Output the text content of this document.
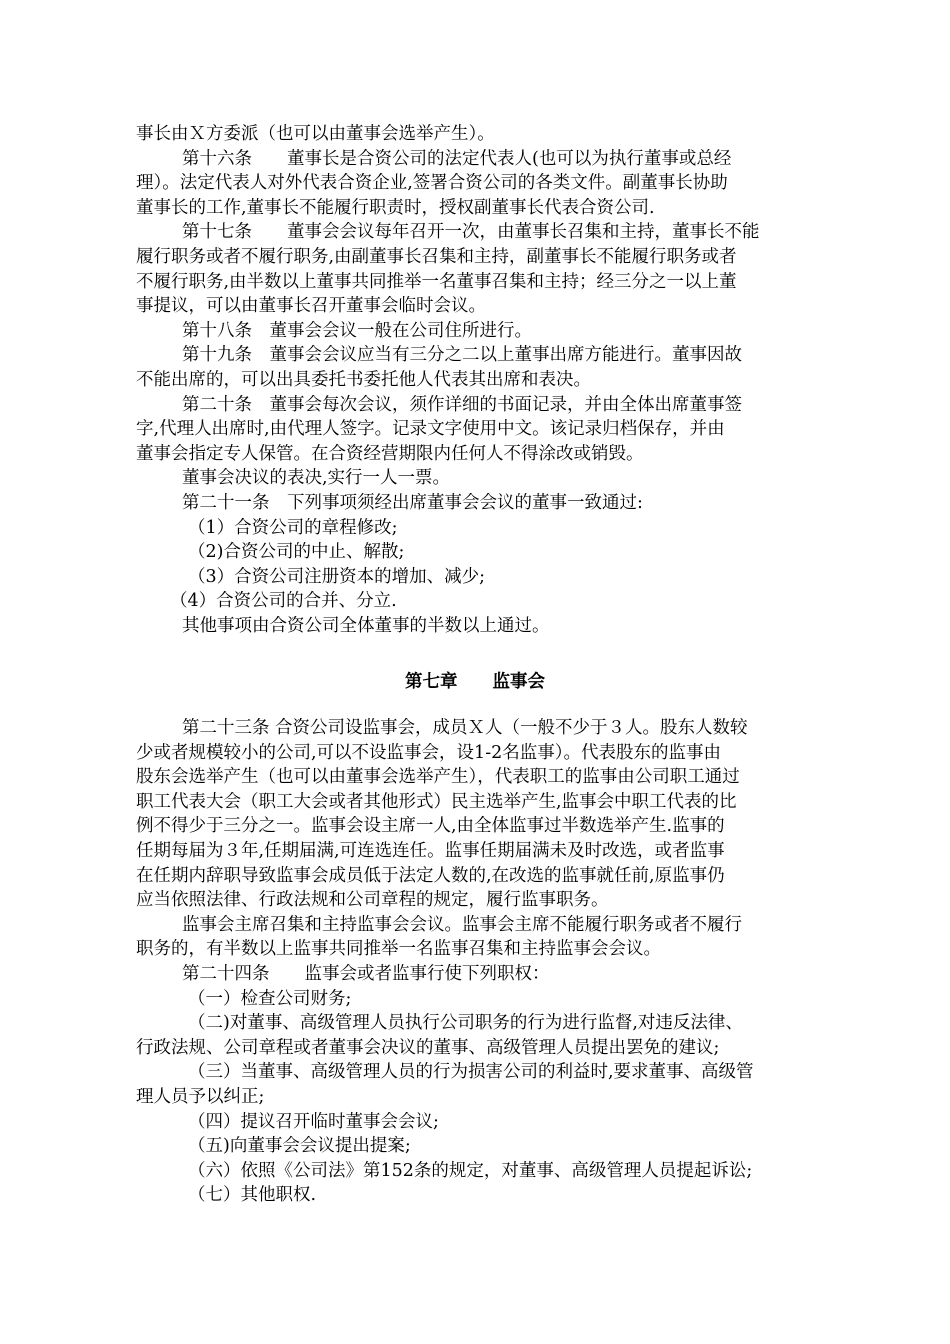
事长由Ｘ方委派（也可以由董事会选举产生）。
第十六条　　董事长是合资公司的法定代表人(也可以为执行董事或总经
理）。法定代表人对外代表合资企业,签署合资公司的各类文件。副董事长协助
董事长的工作,董事长不能履行职责时，授权副董事长代表合资公司.
第十七条　　董事会会议每年召开一次，由董事长召集和主持，董事长不能
履行职务或者不履行职务,由副董事长召集和主持，副董事长不能履行职务或者
不履行职务,由半数以上董事共同推举一名董事召集和主持；经三分之一以上董
事提议，可以由董事长召开董事会临时会议。
第十八条　董事会会议一般在公司住所进行。
第十九条　董事会会议应当有三分之二以上董事出席方能进行。董事因故
不能出席的，可以出具委托书委托他人代表其出席和表决。
第二十条　董事会每次会议，须作详细的书面记录，并由全体出席董事签
字,代理人出席时,由代理人签字。记录文字使用中文。该记录归档保存，并由
董事会指定专人保管。在合资经营期限内任何人不得涂改或销毁。
董事会决议的表决,实行一人一票。
第二十一条　下列事项须经出席董事会会议的董事一致通过:
（1）合资公司的章程修改;
（2)合资公司的中止、解散;
（3）合资公司注册资本的增加、减少;
（4）合资公司的合并、分立.
其他事项由合资公司全体董事的半数以上通过。
第七章　　监事会
第二十三条 合资公司设监事会，成员Ｘ人（一般不少于３人。股东人数较
少或者规模较小的公司,可以不设监事会，设1-2名监事）。代表股东的监事由
股东会选举产生（也可以由董事会选举产生），代表职工的监事由公司职工通过
职工代表大会（职工大会或者其他形式）民主选举产生,监事会中职工代表的比
例不得少于三分之一。监事会设主席一人,由全体监事过半数选举产生.监事的
任期每届为３年,任期届满,可连选连任。监事任期届满未及时改选，或者监事
在任期内辞职导致监事会成员低于法定人数的,在改选的监事就任前,原监事仍
应当依照法律、行政法规和公司章程的规定，履行监事职务。
监事会主席召集和主持监事会会议。监事会主席不能履行职务或者不履行
职务的，有半数以上监事共同推举一名监事召集和主持监事会会议。
第二十四条　　监事会或者监事行使下列职权：
（一）检查公司财务;
（二)对董事、高级管理人员执行公司职务的行为进行监督,对违反法律、
行政法规、公司章程或者董事会决议的董事、高级管理人员提出罢免的建议;
（三）当董事、高级管理人员的行为损害公司的利益时,要求董事、高级管
理人员予以纠正;
（四）提议召开临时董事会会议;
（五)向董事会会议提出提案;
（六）依照《公司法》第152条的规定，对董事、高级管理人员提起诉讼;
（七）其他职权.
